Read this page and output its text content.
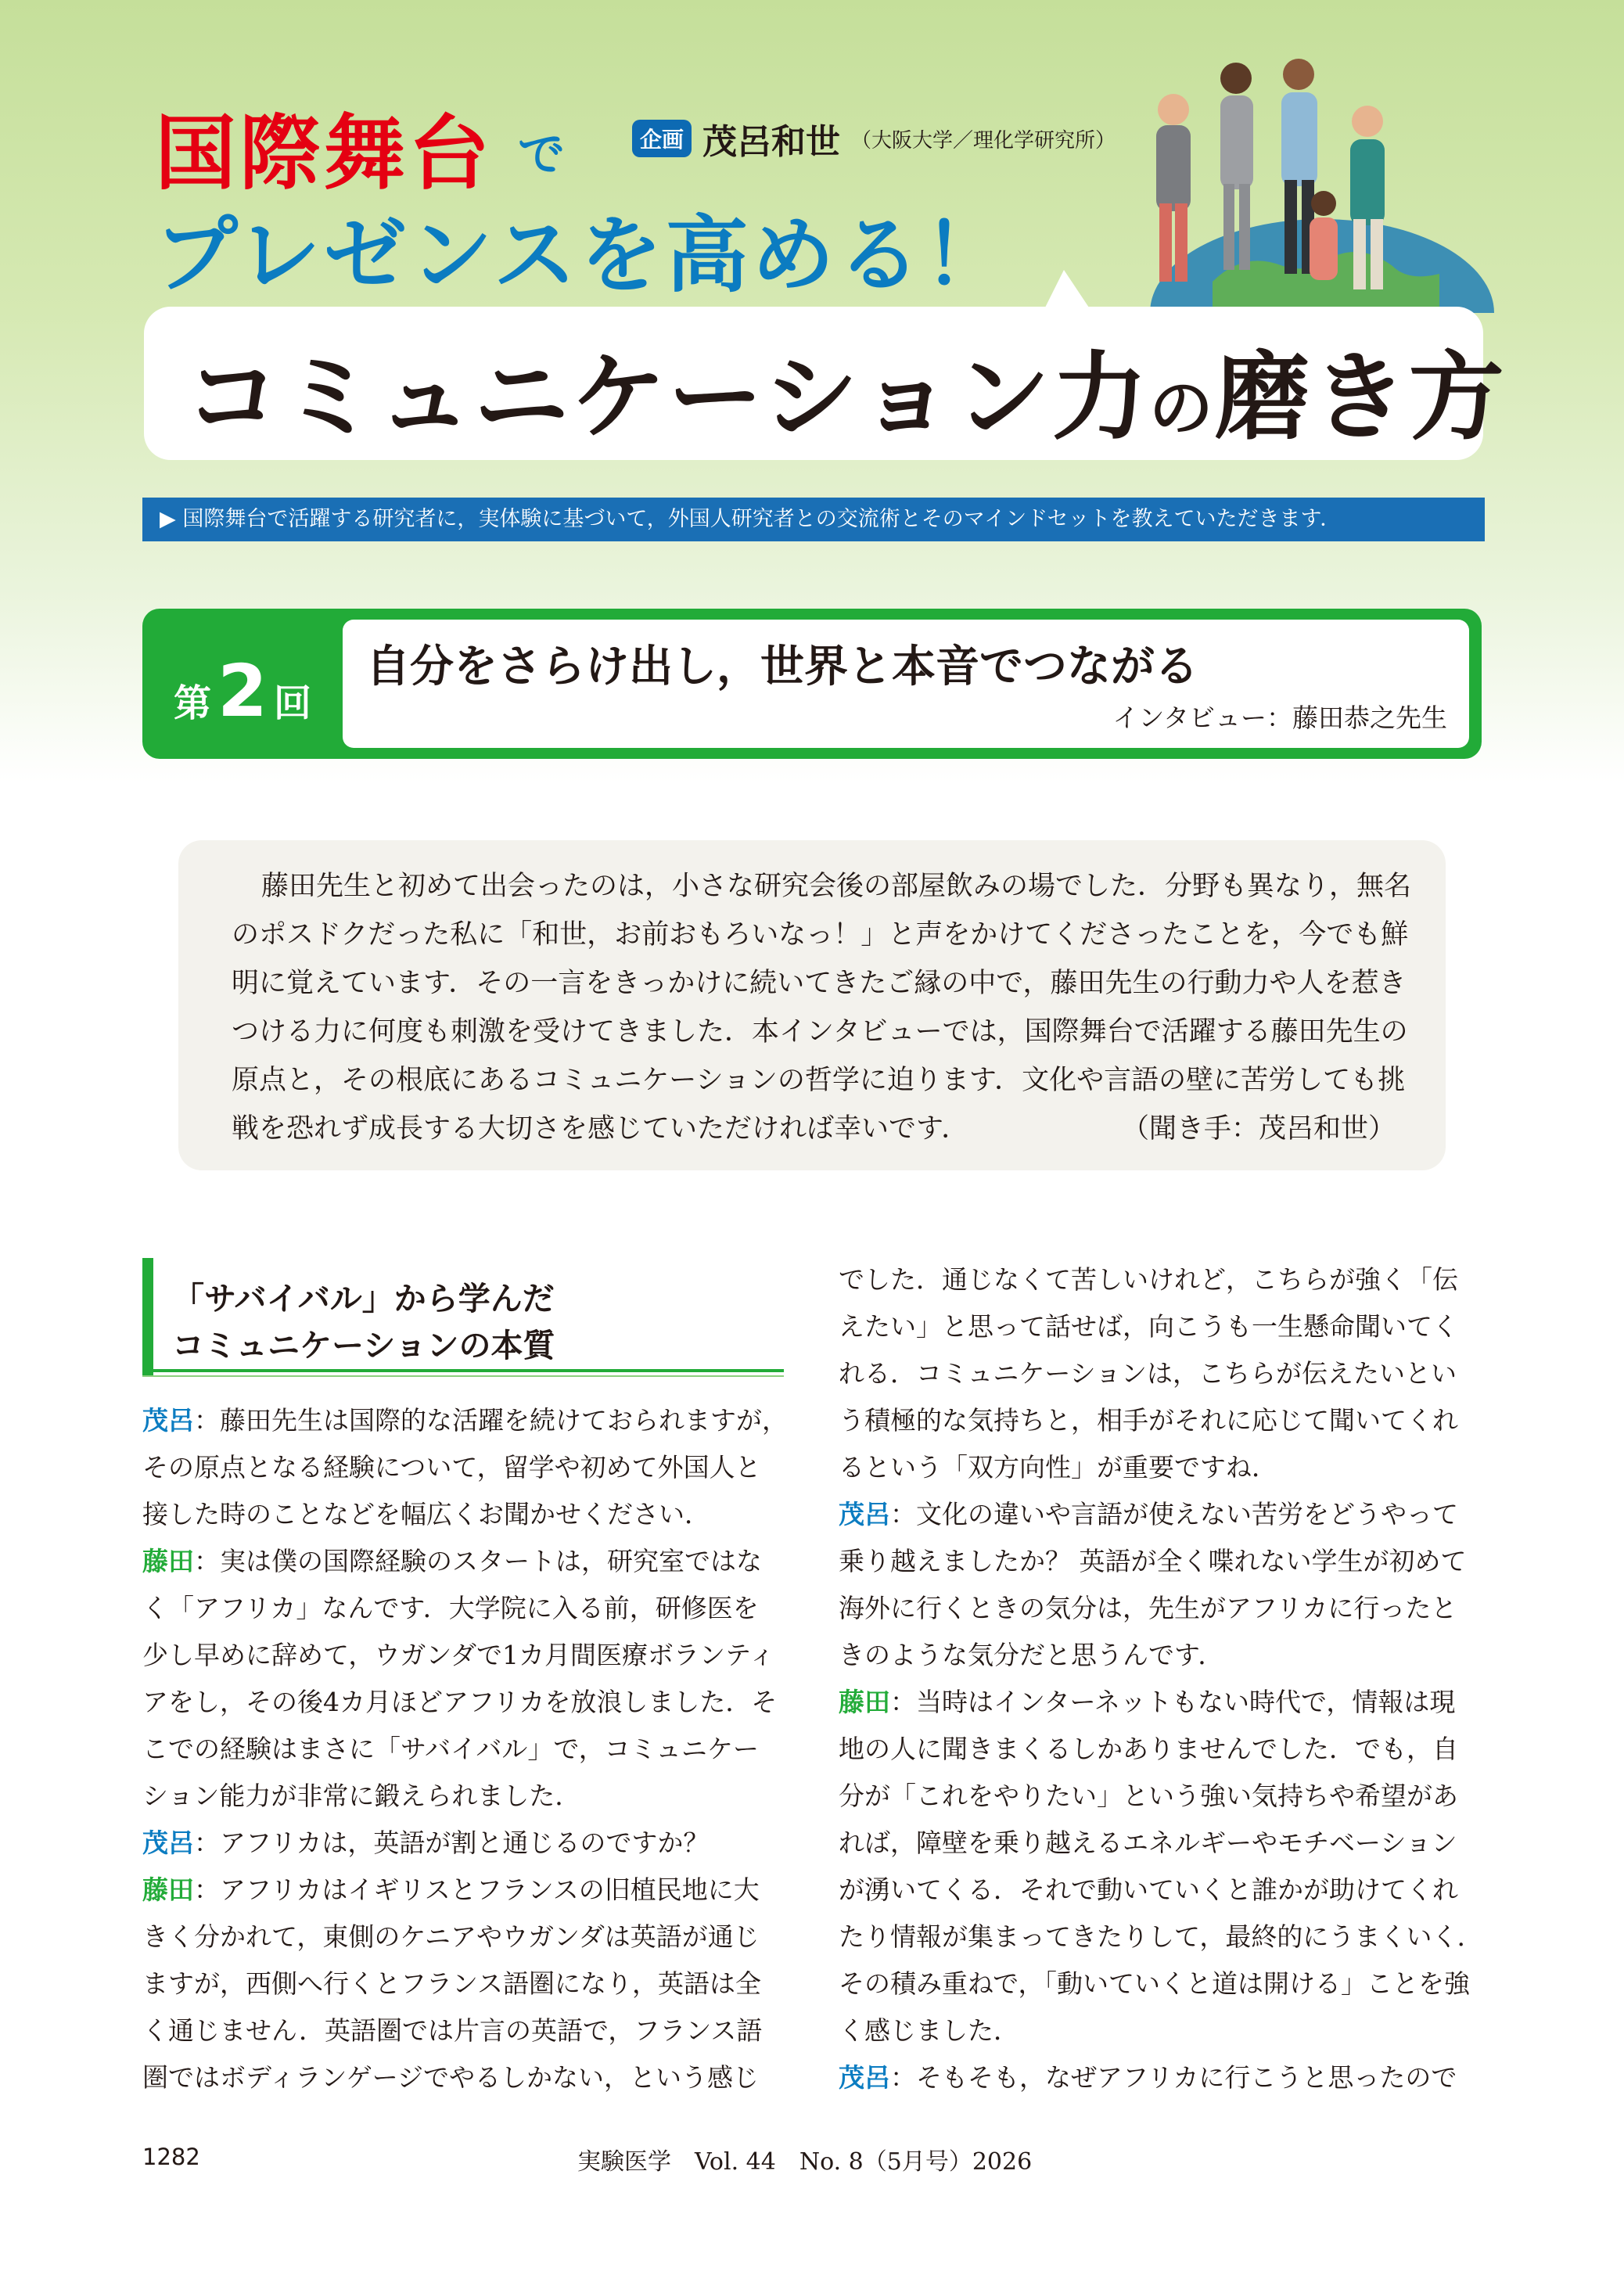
国際舞台 で	企画 茂呂和世 （大阪大学／理化学研究所）
プレゼンスを高める！
コミュニケーション力の磨き方
▶ 国際舞台で活躍する研究者に，実体験に基づいて，外国人研究者との交流術とそのマインドセットを教えていただきます．
第 2 回
自分をさらけ出し，世界と本音でつながる
インタビュー：藤田恭之先生

藤田先生と初めて出会ったのは，小さな研究会後の部屋飲みの場でした．分野も異なり，無名
のポスドクだった私に「和世，お前おもろいなっ！」と声をかけてくださったことを，今でも鮮
明に覚えています．その一言をきっかけに続いてきたご縁の中で，藤田先生の行動力や人を惹き
つける力に何度も刺激を受けてきました．本インタビューでは，国際舞台で活躍する藤田先生の
原点と，その根底にあるコミュニケーションの哲学に迫ります．文化や言語の壁に苦労しても挑
戦を恐れず成長する大切さを感じていただければ幸いです．	（聞き手：茂呂和世）

「サバイバル」から学んだ
コミュニケーションの本質
茂呂：藤田先生は国際的な活躍を続けておられますが，
その原点となる経験について，留学や初めて外国人と
接した時のことなどを幅広くお聞かせください．
藤田：実は僕の国際経験のスタートは，研究室ではな
く「アフリカ」なんです．大学院に入る前，研修医を
少し早めに辞めて，ウガンダで1カ月間医療ボランティ
アをし，その後4カ月ほどアフリカを放浪しました．そ
こでの経験はまさに「サバイバル」で，コミュニケー
ション能力が非常に鍛えられました．
茂呂：アフリカは，英語が割と通じるのですか？
藤田：アフリカはイギリスとフランスの旧植民地に大
きく分かれて，東側のケニアやウガンダは英語が通じ
ますが，西側へ行くとフランス語圏になり，英語は全
く通じません．英語圏では片言の英語で，フランス語
圏ではボディランゲージでやるしかない，という感じ
でした．通じなくて苦しいけれど，こちらが強く「伝
えたい」と思って話せば，向こうも一生懸命聞いてく
れる．コミュニケーションは，こちらが伝えたいとい
う積極的な気持ちと，相手がそれに応じて聞いてくれ
るという「双方向性」が重要ですね．
茂呂：文化の違いや言語が使えない苦労をどうやって
乗り越えましたか？ 英語が全く喋れない学生が初めて
海外に行くときの気分は，先生がアフリカに行ったと
きのような気分だと思うんです．
藤田：当時はインターネットもない時代で，情報は現
地の人に聞きまくるしかありませんでした．でも，自
分が「これをやりたい」という強い気持ちや希望があ
れば，障壁を乗り越えるエネルギーやモチベーション
が湧いてくる．それで動いていくと誰かが助けてくれ
たり情報が集まってきたりして，最終的にうまくいく．
その積み重ねで，「動いていくと道は開ける」ことを強
く感じました．
茂呂：そもそも，なぜアフリカに行こうと思ったので
1282	実験医学　Vol. 44　No. 8（5月号）2026
